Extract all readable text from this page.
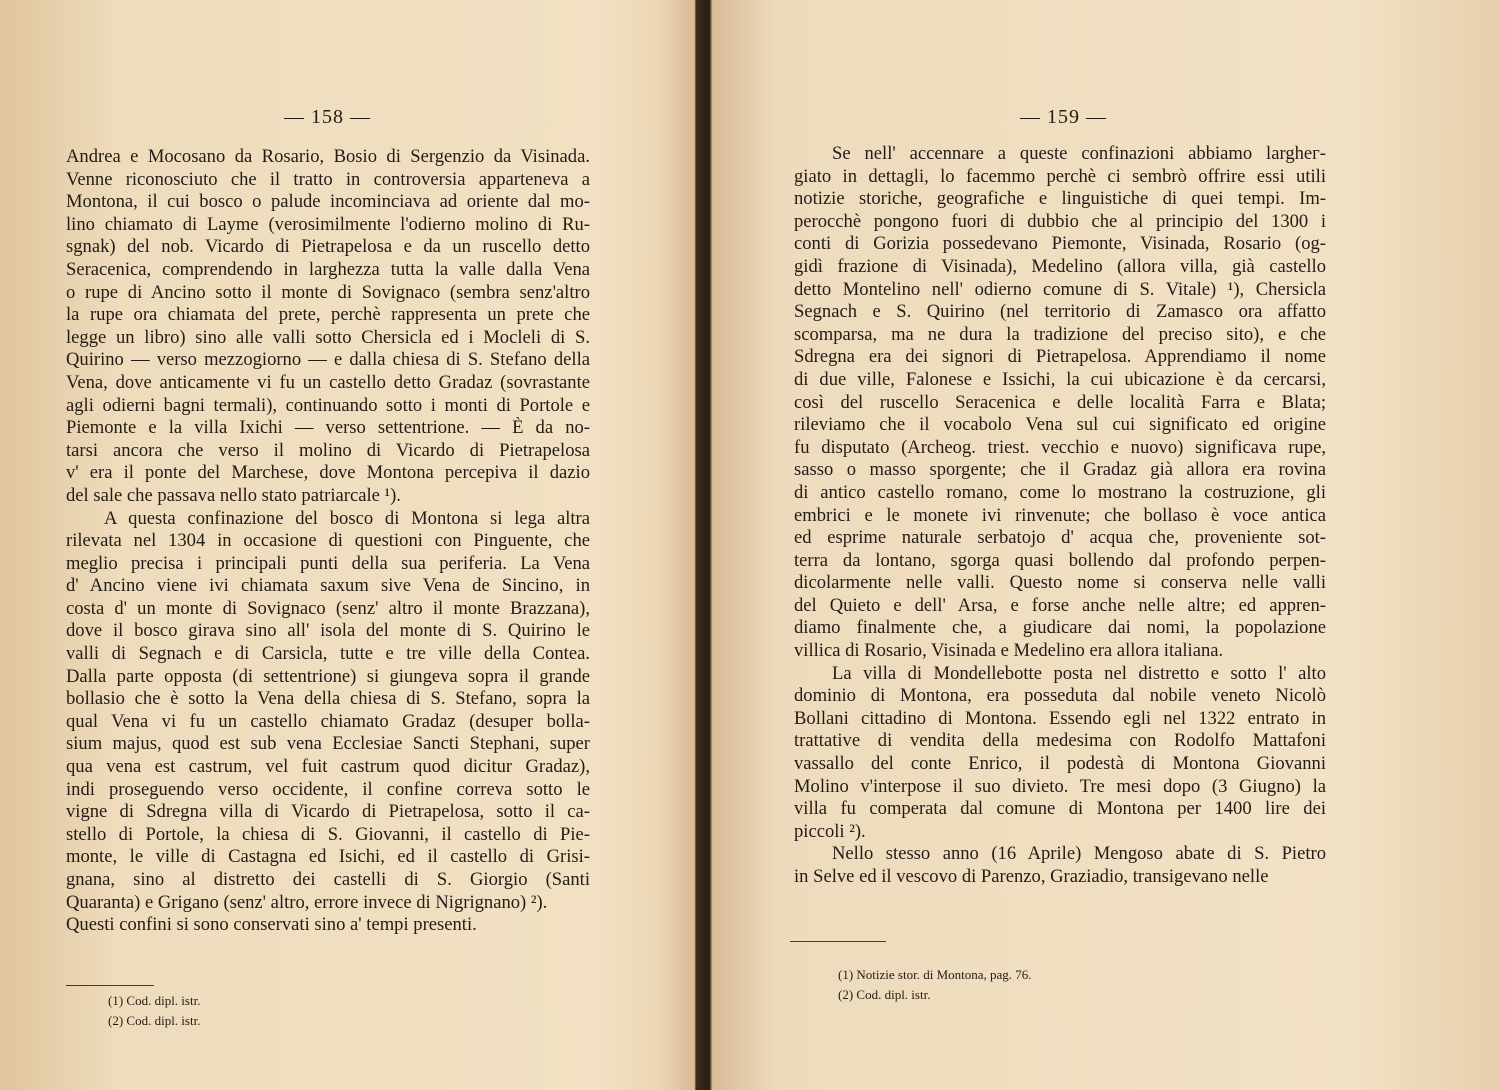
— 158 —
Andrea e Mocosano da Rosario, Bosio di Sergenzio da Visinada.
Venne riconosciuto che il tratto in controversia apparteneva a
Montona, il cui bosco o palude incominciava ad oriente dal mo-
lino chiamato di Layme (verosimilmente l'odierno molino di Ru-
sgnak) del nob. Vicardo di Pietrapelosa e da un ruscello detto
Seracenica, comprendendo in larghezza tutta la valle dalla Vena
o rupe di Ancino sotto il monte di Sovignaco (sembra senz'altro
la rupe ora chiamata del prete, perchè rappresenta un prete che
legge un libro) sino alle valli sotto Chersicla ed i Mocleli di S.
Quirino — verso mezzogiorno — e dalla chiesa di S. Stefano della
Vena, dove anticamente vi fu un castello detto Gradaz (sovrastante
agli odierni bagni termali), continuando sotto i monti di Portole e
Piemonte e la villa Ixichi — verso settentrione. — È da no-
tarsi ancora che verso il molino di Vicardo di Pietrapelosa
v' era il ponte del Marchese, dove Montona percepiva il dazio
del sale che passava nello stato patriarcale ¹).
A questa confinazione del bosco di Montona si lega altra
rilevata nel 1304 in occasione di questioni con Pinguente, che
meglio precisa i principali punti della sua periferia. La Vena
d' Ancino viene ivi chiamata saxum sive Vena de Sincino, in
costa d' un monte di Sovignaco (senz' altro il monte Brazzana),
dove il bosco girava sino all' isola del monte di S. Quirino le
valli di Segnach e di Carsicla, tutte e tre ville della Contea.
Dalla parte opposta (di settentrione) si giungeva sopra il grande
bollasio che è sotto la Vena della chiesa di S. Stefano, sopra la
qual Vena vi fu un castello chiamato Gradaz (desuper bolla-
sium majus, quod est sub vena Ecclesiae Sancti Stephani, super
qua vena est castrum, vel fuit castrum quod dicitur Gradaz),
indi proseguendo verso occidente, il confine correva sotto le
vigne di Sdregna villa di Vicardo di Pietrapelosa, sotto il ca-
stello di Portole, la chiesa di S. Giovanni, il castello di Pie-
monte, le ville di Castagna ed Isichi, ed il castello di Grisi-
gnana, sino al distretto dei castelli di S. Giorgio (Santi
Quaranta) e Grigano (senz' altro, errore invece di Nigrignano) ²).
Questi confini si sono conservati sino a' tempi presenti.
(1) Cod. dipl. istr.
(2) Cod. dipl. istr.
— 159 —
Se nell' accennare a queste confinazioni abbiamo larghег-
giato in dettagli, lo facemmo perchè ci sembrò offrire essi utili
notizie storiche, geografiche e linguistiche di quei tempi. Im-
perocchè pongono fuori di dubbio che al principio del 1300 i
conti di Gorizia possedevano Piemonte, Visinada, Rosario (og-
gidì frazione di Visinada), Medelino (allora villa, già castello
detto Montelino nell' odierno comune di S. Vitale) ¹), Chersicla
Segnach e S. Quirino (nel territorio di Zamasco ora affatto
scomparsa, ma ne dura la tradizione del preciso sito), e che
Sdregna era dei signori di Pietrapelosa. Apprendiamo il nome
di due ville, Falonese e Issichi, la cui ubicazione è da cercarsi,
così del ruscello Seracenica e delle località Farra e Blata;
rileviamo che il vocabolo Vena sul cui significato ed origine
fu disputato (Archeog. triest. vecchio e nuovo) significava rupe,
sasso o masso sporgente; che il Gradaz già allora era rovina
di antico castello romano, come lo mostrano la costruzione, gli
embrici e le monete ivi rinvenute; che bollaso è voce antica
ed esprime naturale serbatojo d' acqua che, proveniente sot-
terra da lontano, sgorga quasi bollendo dal profondo perpen-
dicolarmente nelle valli. Questo nome si conserva nelle valli
del Quieto e dell' Arsa, e forse anche nelle altre; ed appren-
diamo finalmente che, a giudicare dai nomi, la popolazione
villica di Rosario, Visinada e Medelino era allora italiana.
La villa di Mondellebotte posta nel distretto e sotto l' alto
dominio di Montona, era posseduta dal nobile veneto Nicolò
Bollani cittadino di Montona. Essendo egli nel 1322 entrato in
trattative di vendita della medesima con Rodolfo Mattafoni
vassallo del conte Enrico, il podestà di Montona Giovanni
Molino v'interpose il suo divieto. Tre mesi dopo (3 Giugno) la
villa fu comperata dal comune di Montona per 1400 lire dei
piccoli ²).
Nello stesso anno (16 Aprile) Mengoso abate di S. Pietro
in Selve ed il vescovo di Parenzo, Graziadio, transigevano nelle
(1) Notizie stor. di Montona, pag. 76.
(2) Cod. dipl. istr.
